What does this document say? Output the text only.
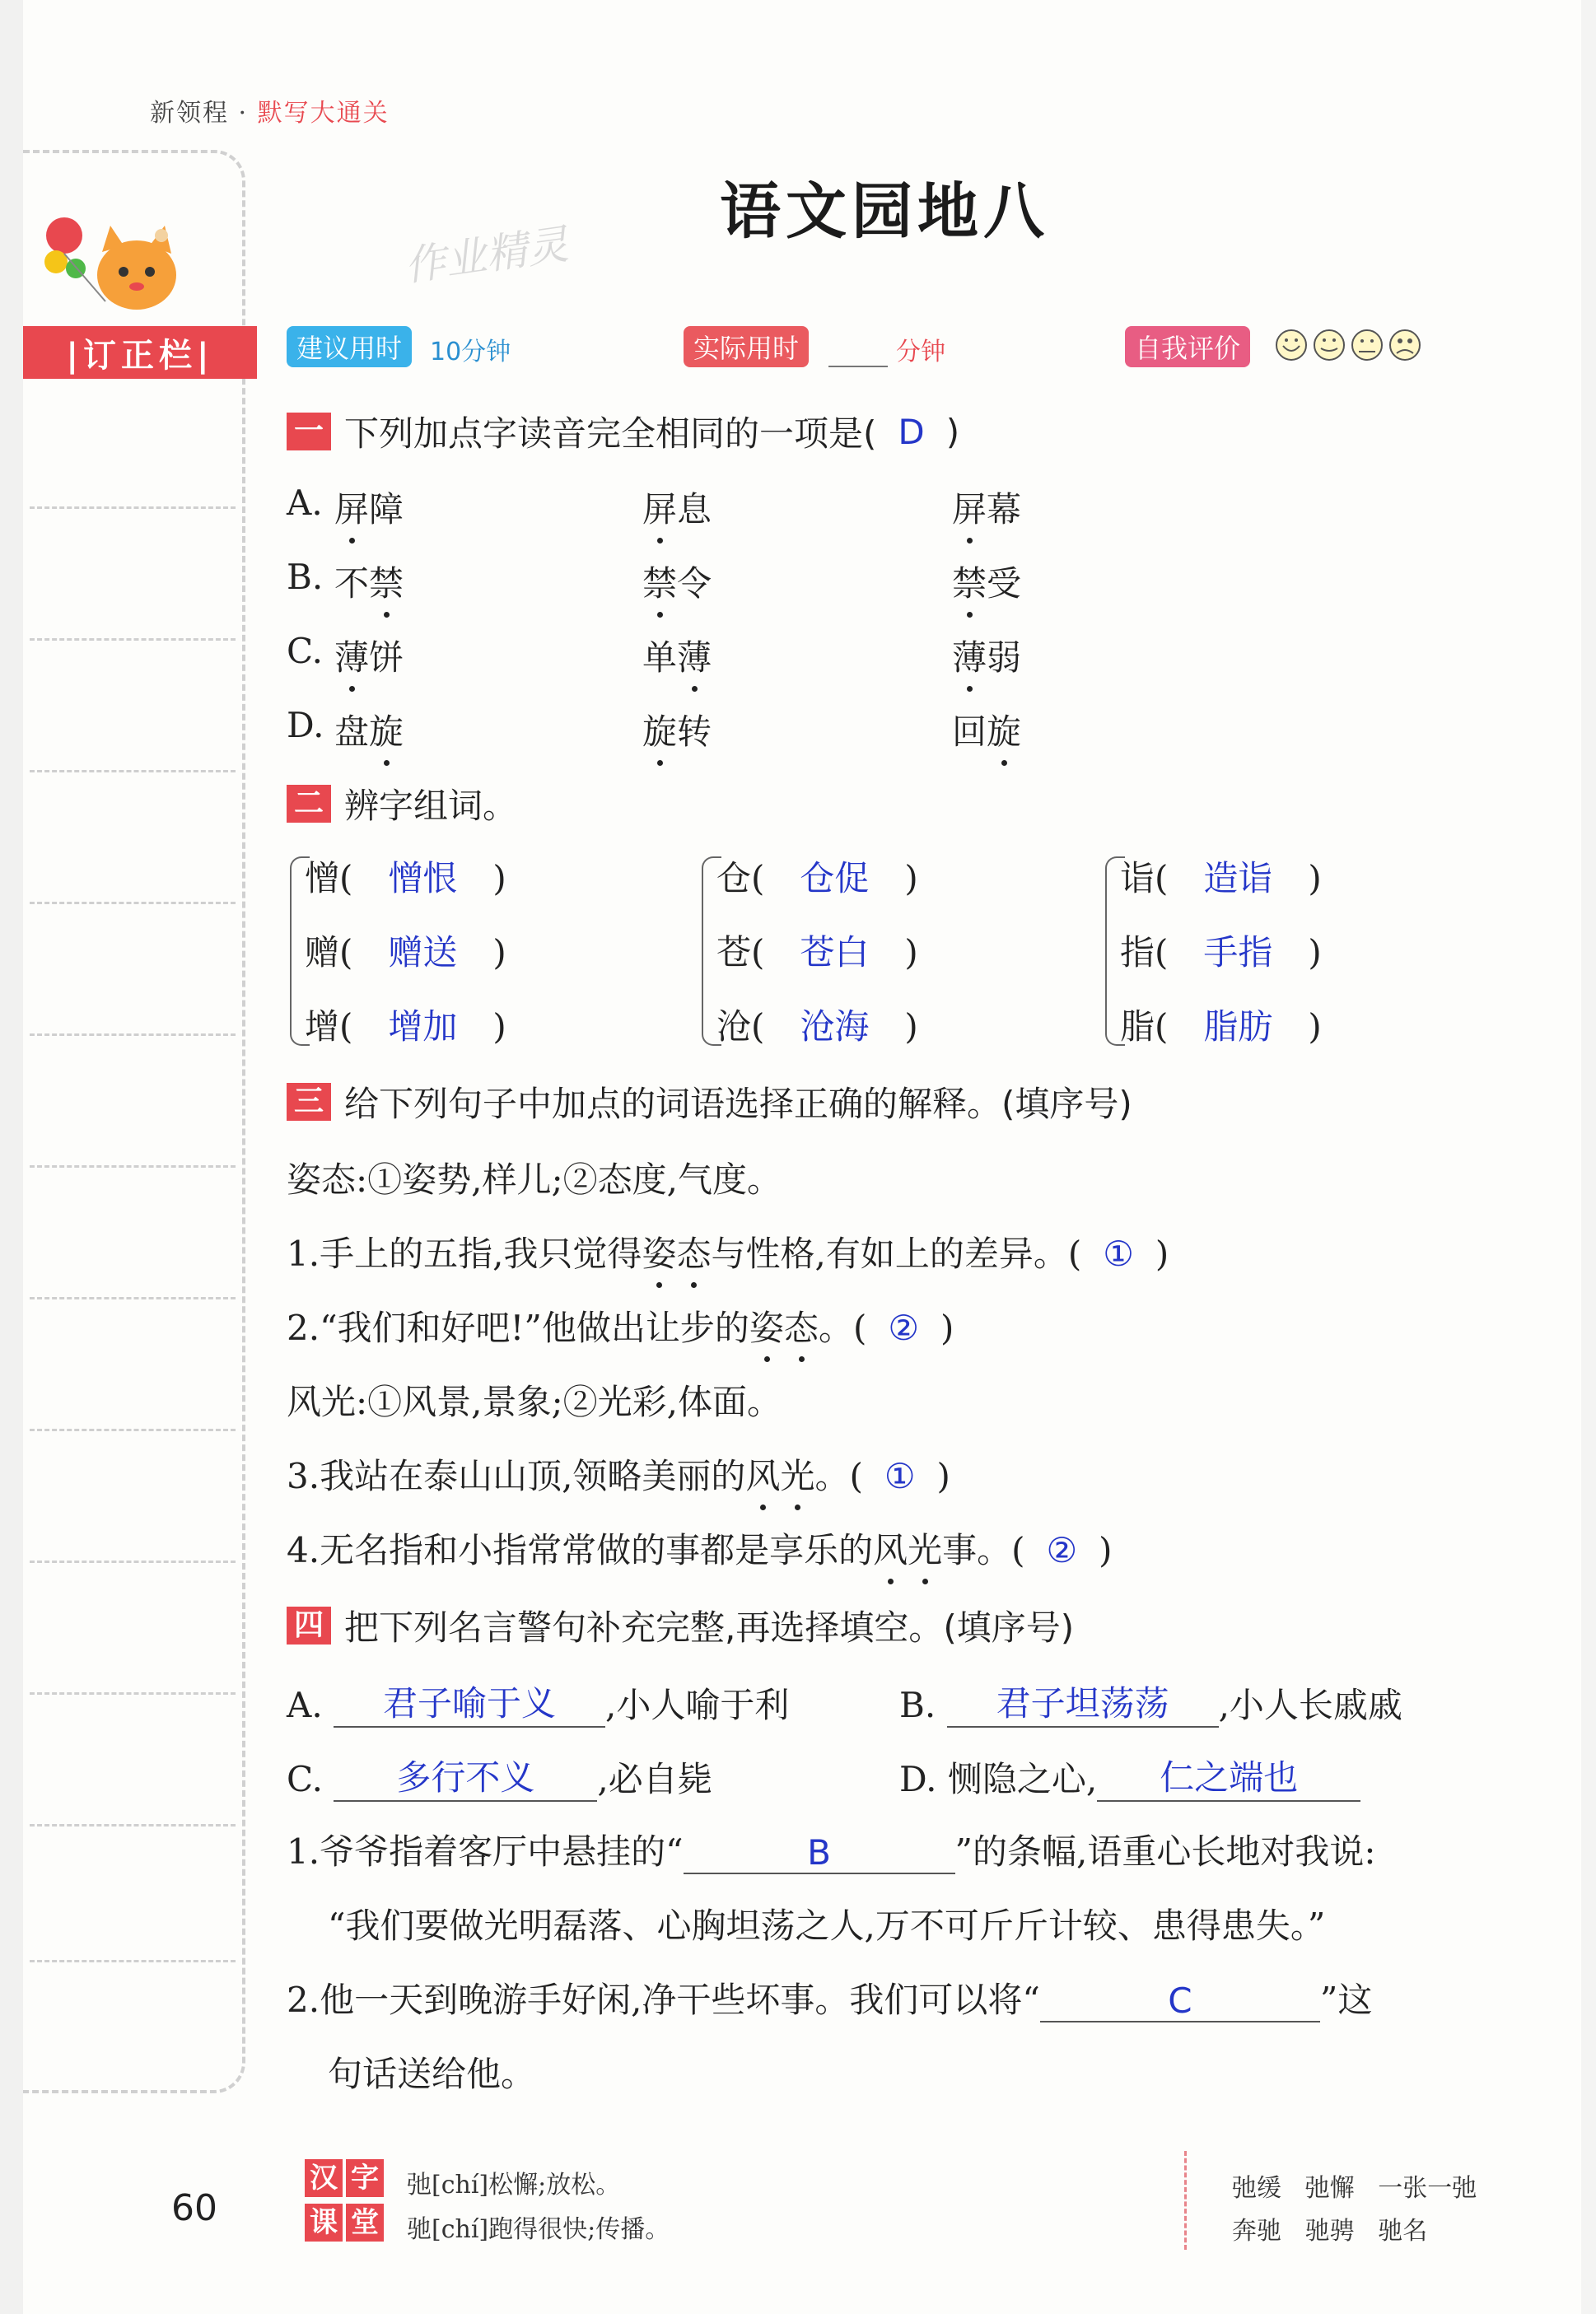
新领程 · 默写大通关
语文园地八
作业精灵
|订正栏|	建议用时	10分钟	实际用时	分钟	自我评价
一 下列加点字读音完全相同的一项是( D )
A. 屏障	屏息	屏幕
B. 不禁	禁令	禁受
C. 薄饼	单薄	薄弱
D. 盘旋	旋转	回旋
二 辨字组词。
憎( 憎恨 )
赠( 赠送 )
增( 增加 )
仓( 仓促 )
苍( 苍白 )
沧( 沧海 )
诣( 造诣 )
指( 手指 )
脂( 脂肪 )
三 给下列句子中加点的词语选择正确的解释。(填序号)
姿态:①姿势,样儿;②态度,气度。
1.手上的五指,我只觉得姿态与性格,有如上的差异。( ① )
2.“我们和好吧!”他做出让步的姿态。( ② )
风光:①风景,景象;②光彩,体面。
3.我站在泰山山顶,领略美丽的风光。( ① )
4.无名指和小指常常做的事都是享乐的风光事。( ② )
四 把下列名言警句补充完整,再选择填空。(填序号)
A. 君子喻于义 ,小人喻于利	B. 君子坦荡荡 ,小人长戚戚
C. 多行不义 ,必自毙	D. 恻隐之心, 仁之端也
1.爷爷指着客厅中悬挂的“	B	”的条幅,语重心长地对我说:
“我们要做光明磊落、心胸坦荡之人,万不可斤斤计较、患得患失。”
2.他一天到晚游手好闲,净干些坏事。我们可以将“	C	”这
句话送给他。
60
汉 字
课 堂
弛[chí]松懈;放松。
驰[chí]跑得很快;传播。
弛缓 弛懈 一张一弛
奔驰 驰骋 驰名
